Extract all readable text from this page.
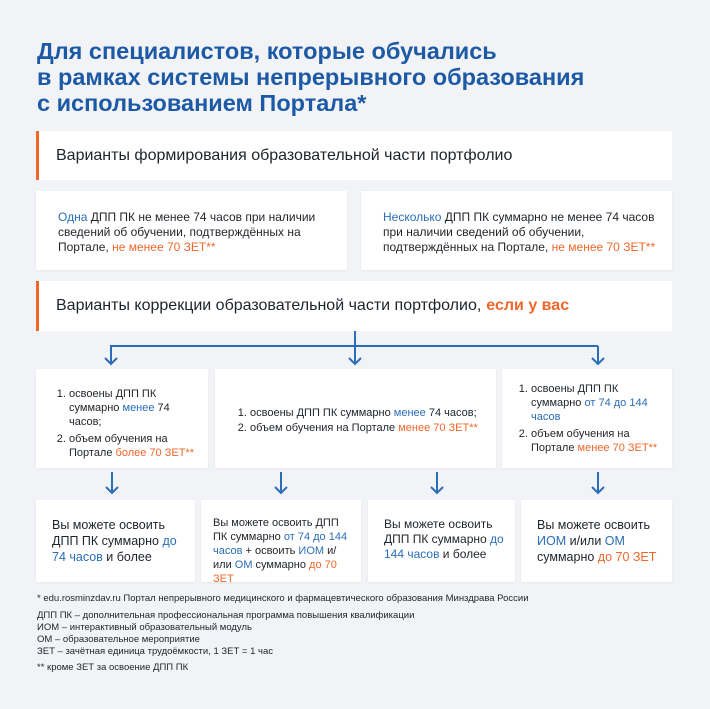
Для специалистов, которые обучались
в рамках системы непрерывного образования
с использованием Портала*
Варианты формирования образовательной части портфолио
Одна ДПП ПК не менее 74 часов при наличии сведений об обучении, подтверждённых на Портале, не менее 70 ЗЕТ**
Несколько ДПП ПК суммарно не менее 74 часов при наличии сведений об обучении, подтверждённых на Портале, не менее 70 ЗЕТ**
Варианты коррекции образовательной части портфолио, если у вас
1. освоены ДПП ПК суммарно менее 74 часов;
2. объем обучения на Портале более 70 ЗЕТ**
1. освоены ДПП ПК суммарно менее 74 часов;
2. объем обучения на Портале менее 70 ЗЕТ**
1. освоены ДПП ПК суммарно от 74 до 144 часов
2. объем обучения на Портале менее 70 ЗЕТ**
Вы можете освоить ДПП ПК суммарно до 74 часов и более
Вы можете освоить ДПП ПК суммарно от 74 до 144 часов + освоить ИОМ и/или ОМ суммарно до 70 ЗЕТ
Вы можете освоить ДПП ПК суммарно до 144 часов и более
Вы можете освоить ИОМ и/или ОМ суммарно до 70 ЗЕТ
* edu.rosminzdav.ru Портал непрерывного медицинского и фармацевтического образования Минздрава России
ДПП ПК – дополнительная профессиональная программа повышения квалификации
ИОМ – интерактивный образовательный модуль
ОМ – образовательное мероприятие
ЗЕТ – зачётная единица трудоёмкости, 1 ЗЕТ = 1 час
** кроме ЗЕТ за освоение ДПП ПК
